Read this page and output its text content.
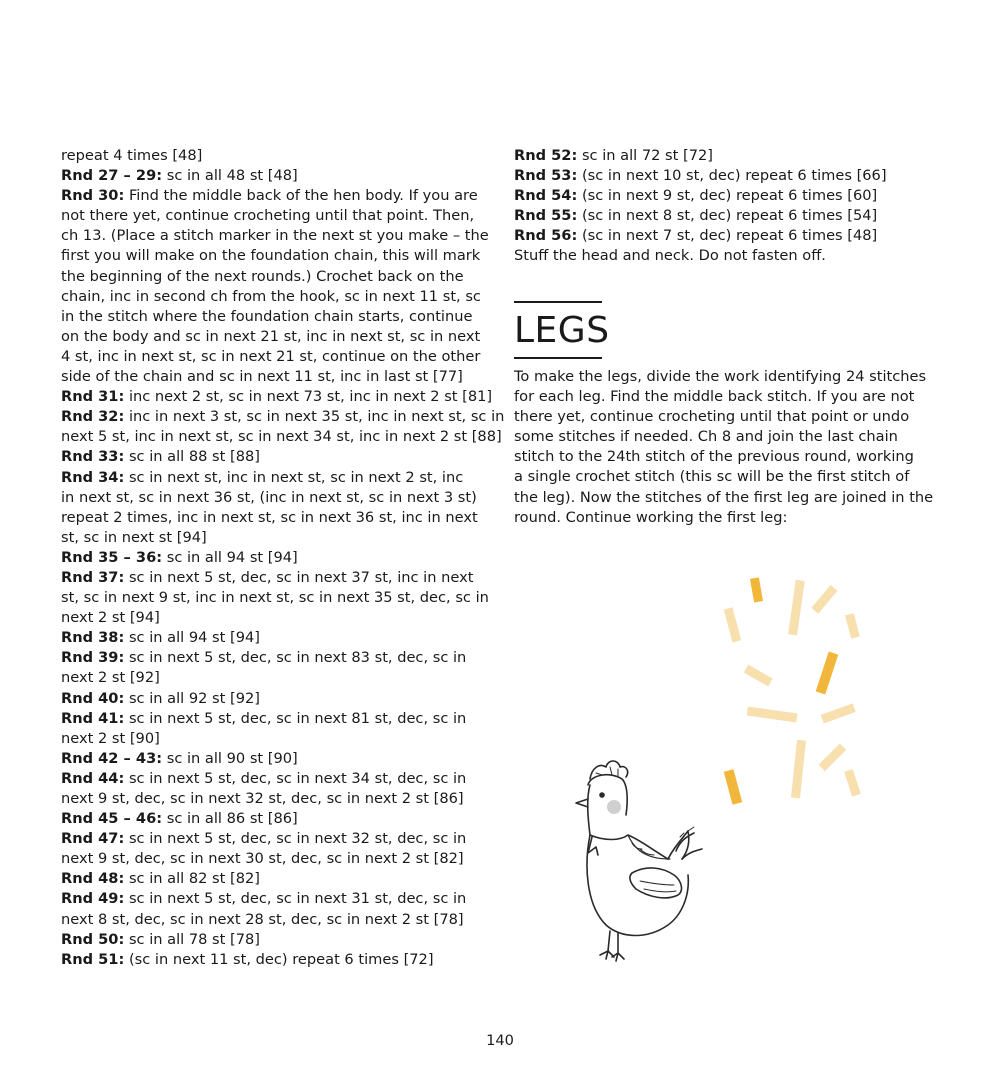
repeat 4 times [48]
Rnd 27 – 29: sc in all 48 st [48]
Rnd 30: Find the middle back of the hen body. If you are
not there yet, continue crocheting until that point. Then,
ch 13. (Place a stitch marker in the next st you make – the
first you will make on the foundation chain, this will mark
the beginning of the next rounds.) Crochet back on the
chain, inc in second ch from the hook, sc in next 11 st, sc
in the stitch where the foundation chain starts, continue
on the body and sc in next 21 st, inc in next st, sc in next
4 st, inc in next st, sc in next 21 st, continue on the other
side of the chain and sc in next 11 st, inc in last st [77]
Rnd 31: inc next 2 st, sc in next 73 st, inc in next 2 st [81]
Rnd 32: inc in next 3 st, sc in next 35 st, inc in next st, sc in
next 5 st, inc in next st, sc in next 34 st, inc in next 2 st [88]
Rnd 33: sc in all 88 st [88]
Rnd 34: sc in next st, inc in next st, sc in next 2 st, inc
in next st, sc in next 36 st, (inc in next st, sc in next 3 st)
repeat 2 times, inc in next st, sc in next 36 st, inc in next
st, sc in next st [94]
Rnd 35 – 36: sc in all 94 st [94]
Rnd 37: sc in next 5 st, dec, sc in next 37 st, inc in next
st, sc in next 9 st, inc in next st, sc in next 35 st, dec, sc in
next 2 st [94]
Rnd 38: sc in all 94 st [94]
Rnd 39: sc in next 5 st, dec, sc in next 83 st, dec, sc in
next 2 st [92]
Rnd 40: sc in all 92 st [92]
Rnd 41: sc in next 5 st, dec, sc in next 81 st, dec, sc in
next 2 st [90]
Rnd 42 – 43: sc in all 90 st [90]
Rnd 44: sc in next 5 st, dec, sc in next 34 st, dec, sc in
next 9 st, dec, sc in next 32 st, dec, sc in next 2 st [86]
Rnd 45 – 46: sc in all 86 st [86]
Rnd 47: sc in next 5 st, dec, sc in next 32 st, dec, sc in
next 9 st, dec, sc in next 30 st, dec, sc in next 2 st [82]
Rnd 48: sc in all 82 st [82]
Rnd 49: sc in next 5 st, dec, sc in next 31 st, dec, sc in
next 8 st, dec, sc in next 28 st, dec, sc in next 2 st [78]
Rnd 50: sc in all 78 st [78]
Rnd 51: (sc in next 11 st, dec) repeat 6 times [72]
Rnd 52: sc in all 72 st [72]
Rnd 53: (sc in next 10 st, dec) repeat 6 times [66]
Rnd 54: (sc in next 9 st, dec) repeat 6 times [60]
Rnd 55: (sc in next 8 st, dec) repeat 6 times [54]
Rnd 56: (sc in next 7 st, dec) repeat 6 times [48]
Stuff the head and neck. Do not fasten off.
LEGS
To make the legs, divide the work identifying 24 stitches
for each leg. Find the middle back stitch. If you are not
there yet, continue crocheting until that point or undo
some stitches if needed. Ch 8 and join the last chain
stitch to the 24th stitch of the previous round, working
a single crochet stitch (this sc will be the first stitch of
the leg). Now the stitches of the first leg are joined in the
round. Continue working the first leg:
140
